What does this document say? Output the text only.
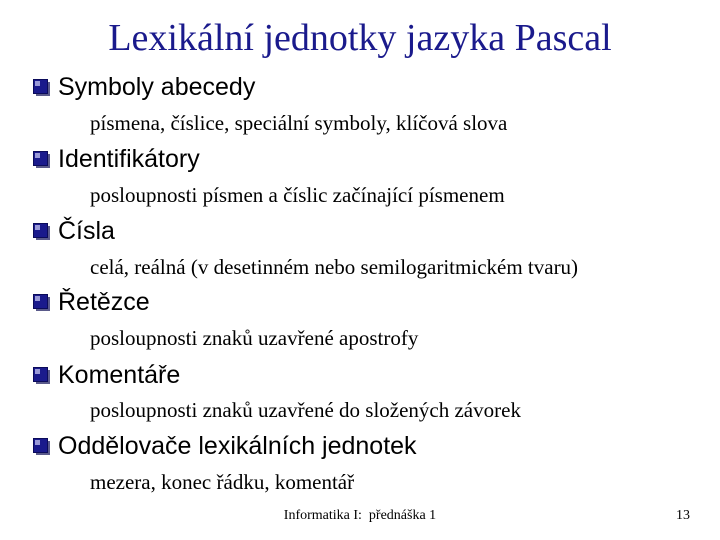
Lexikální jednotky jazyka Pascal
Symboly abecedy
písmena, číslice, speciální symboly, klíčová slova
Identifikátory
posloupnosti písmen a číslic začínající písmenem
Čísla
celá, reálná (v desetinném nebo semilogaritmickém tvaru)
Řetězce
posloupnosti znaků uzavřené apostrofy
Komentáře
posloupnosti znaků uzavřené do složených závorek
Oddělovače lexikálních jednotek
mezera, konec řádku, komentář
Informatika I:  přednáška 1	13
